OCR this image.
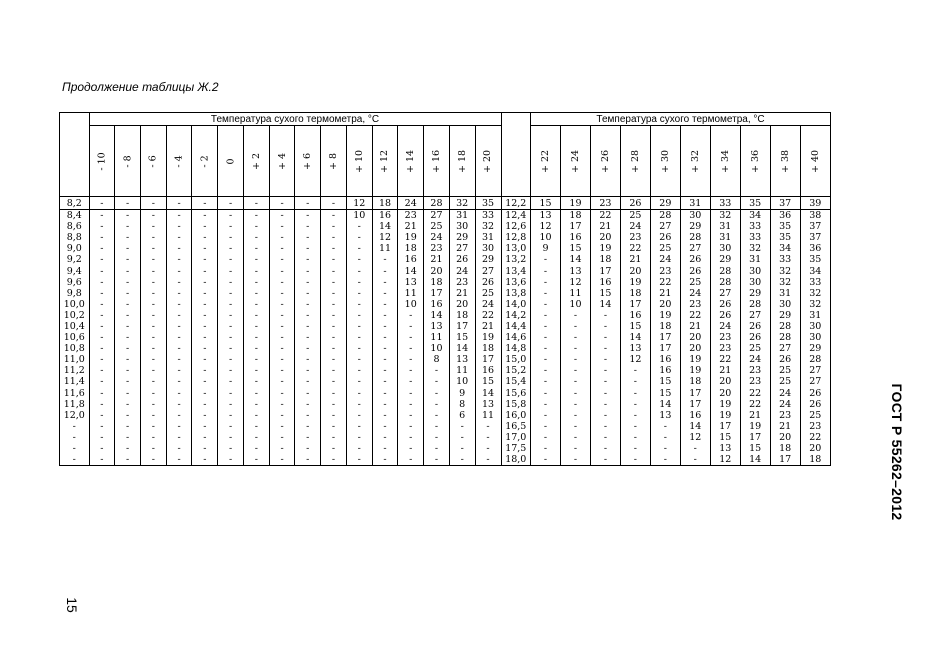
Продолжение таблицы Ж.2
	Температура сухого термометра, °С																	Температура сухого термометра, °С									
	- 10	- 8	- 6	- 4	- 2	0	+ 2	+ 4	+ 6	+ 8	+ 10	+ 12	+ 14	+ 16	+ 18	+ 20		+ 22	+ 24	+ 26	+ 28	+ 30	+ 32	+ 34	+ 36	+ 38	+ 40
8,2	-	-	-	-	-	-	-	-	-	-	12	18	24	28	32	35	12,2	15	19	23	26	29	31	33	35	37	39
8,4	-	-	-	-	-	-	-	-	-	-	10	16	23	27	31	33	12,4	13	18	22	25	28	30	32	34	36	38
8,6	-	-	-	-	-	-	-	-	-	-	-	14	21	25	30	32	12,6	12	17	21	24	27	29	31	33	35	37
8,8	-	-	-	-	-	-	-	-	-	-	-	12	19	24	29	31	12,8	10	16	20	23	26	28	31	33	35	37
9,0	-	-	-	-	-	-	-	-	-	-	-	11	18	23	27	30	13,0	9	15	19	22	25	27	30	32	34	36
9,2	-	-	-	-	-	-	-	-	-	-	-	-	16	21	26	29	13,2	-	14	18	21	24	26	29	31	33	35
9,4	-	-	-	-	-	-	-	-	-	-	-	-	14	20	24	27	13,4	-	13	17	20	23	26	28	30	32	34
9,6	-	-	-	-	-	-	-	-	-	-	-	-	13	18	23	26	13,6	-	12	16	19	22	25	28	30	32	33
9,8	-	-	-	-	-	-	-	-	-	-	-	-	11	17	21	25	13,8	-	11	15	18	21	24	27	29	31	32
10,0	-	-	-	-	-	-	-	-	-	-	-	-	10	16	20	24	14,0	-	10	14	17	20	23	26	28	30	32
10,2	-	-	-	-	-	-	-	-	-	-	-	-	-	14	18	22	14,2	-	-	-	16	19	22	26	27	29	31
10,4	-	-	-	-	-	-	-	-	-	-	-	-	-	13	17	21	14,4	-	-	-	15	18	21	24	26	28	30
10,6	-	-	-	-	-	-	-	-	-	-	-	-	-	11	15	19	14,6	-	-	-	14	17	20	23	26	28	30
10,8	-	-	-	-	-	-	-	-	-	-	-	-	-	10	14	18	14,8	-	-	-	13	17	20	23	25	27	29
11,0	-	-	-	-	-	-	-	-	-	-	-	-	-	8	13	17	15,0	-	-	-	12	16	19	22	24	26	28
11,2	-	-	-	-	-	-	-	-	-	-	-	-	-	-	11	16	15,2	-	-	-	-	16	19	21	23	25	27
11,4	-	-	-	-	-	-	-	-	-	-	-	-	-	-	10	15	15,4	-	-	-	-	15	18	20	23	25	27
11,6	-	-	-	-	-	-	-	-	-	-	-	-	-	-	9	14	15,6	-	-	-	-	15	17	20	22	24	26
11,8	-	-	-	-	-	-	-	-	-	-	-	-	-	-	8	13	15,8	-	-	-	-	14	17	19	22	24	26
12,0	-	-	-	-	-	-	-	-	-	-	-	-	-	-	6	11	16,0	-	-	-	-	13	16	19	21	23	25
-	-	-	-	-	-	-	-	-	-	-	-	-	-	-	-	-	16,5	-	-	-	-	-	14	17	19	21	23
-	-	-	-	-	-	-	-	-	-	-	-	-	-	-	-	-	17,0	-	-	-	-	-	12	15	17	20	22
-	-	-	-	-	-	-	-	-	-	-	-	-	-	-	-	-	17,5	-	-	-	-	-	-	13	15	18	20
-	-	-	-	-	-	-	-	-	-	-	-	-	-	-	-	-	18,0	-	-	-	-	-	-	12	14	17	18	ГОСТ Р 55262–2012
15
